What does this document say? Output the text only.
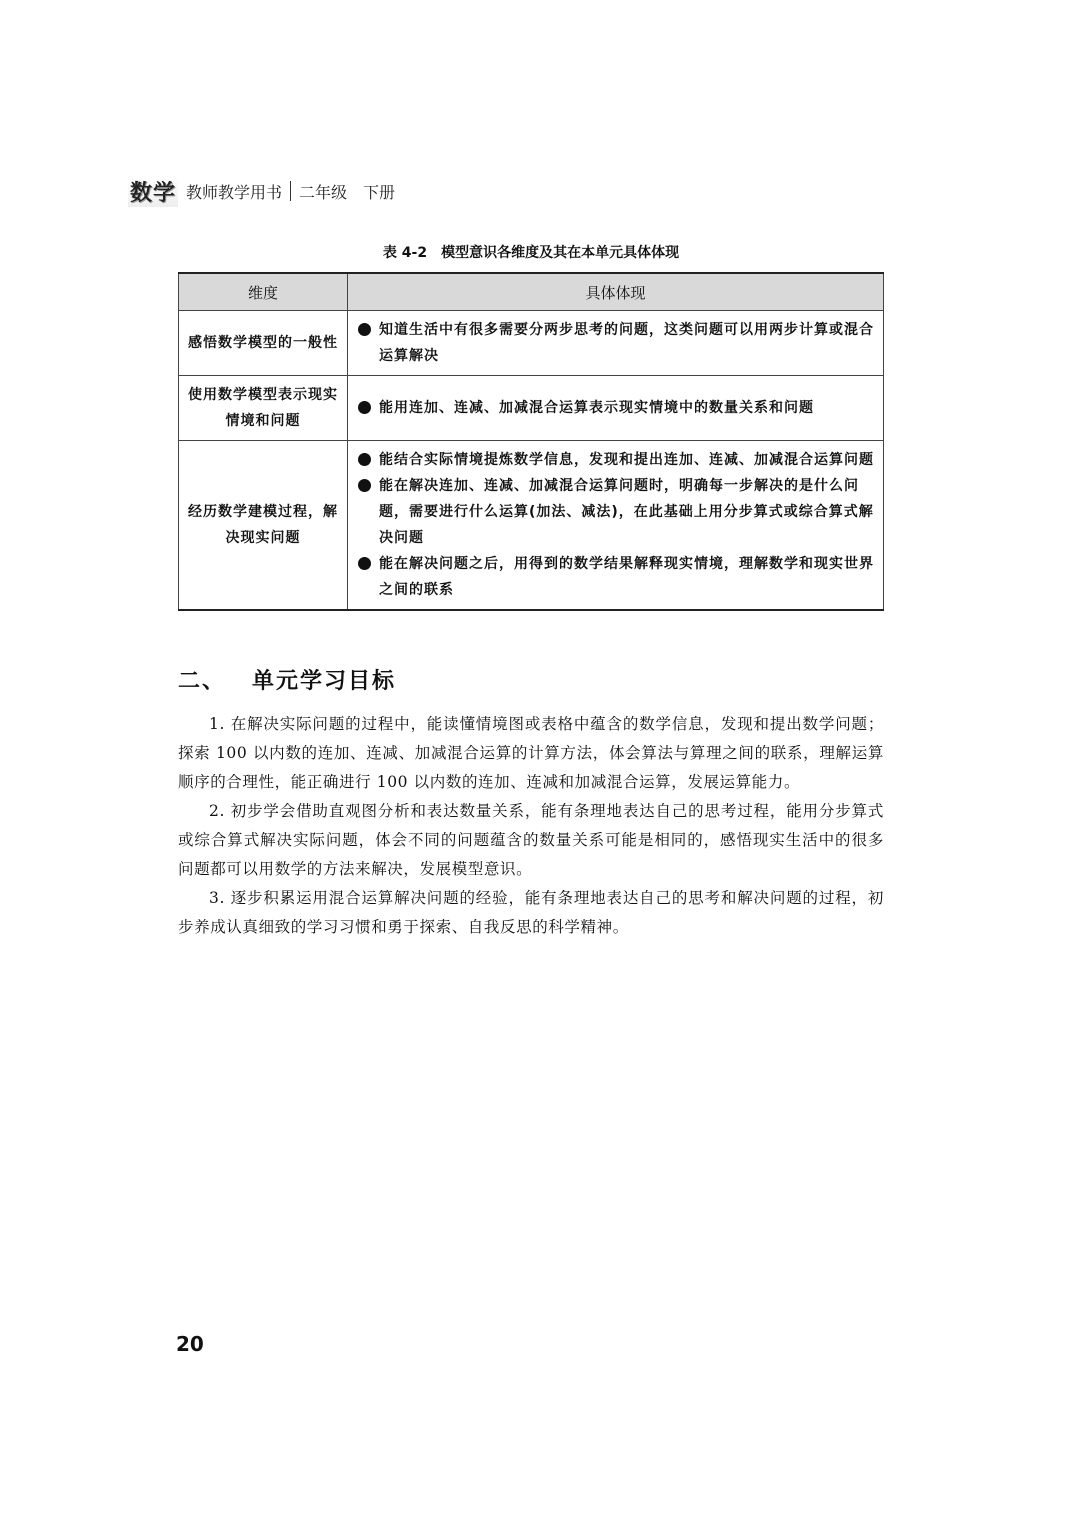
数学 教师教学用书 二年级　下册
表 4-2　模型意识各维度及其在本单元具体体现
维度	具体体现
感悟数学模型的一般性	知道生活中有很多需要分两步思考的问题，这类问题可以用两步计算或混合运算解决

使用数学模型表示现实情境和问题	能用连加、连减、加减混合运算表示现实情境中的数量关系和问题

经历数学建模过程，解决现实问题	能结合实际情境提炼数学信息，发现和提出连加、连减、加减混合运算问题
能在解决连加、连减、加减混合运算问题时，明确每一步解决的是什么问题，需要进行什么运算(加法、减法)，在此基础上用分步算式或综合算式解决问题
能在解决问题之后，用得到的数学结果解释现实情境，理解数学和现实世界之间的联系
二、 单元学习目标

1. 在解决实际问题的过程中，能读懂情境图或表格中蕴含的数学信息，发现和提出数学问题；探索 100 以内数的连加、连减、加减混合运算的计算方法，体会算法与算理之间的联系，理解运算顺序的合理性，能正确进行 100 以内数的连加、连减和加减混合运算，发展运算能力。

2. 初步学会借助直观图分析和表达数量关系，能有条理地表达自己的思考过程，能用分步算式或综合算式解决实际问题，体会不同的问题蕴含的数量关系可能是相同的，感悟现实生活中的很多问题都可以用数学的方法来解决，发展模型意识。

3. 逐步积累运用混合运算解决问题的经验，能有条理地表达自己的思考和解决问题的过程，初步养成认真细致的学习习惯和勇于探索、自我反思的科学精神。

20
